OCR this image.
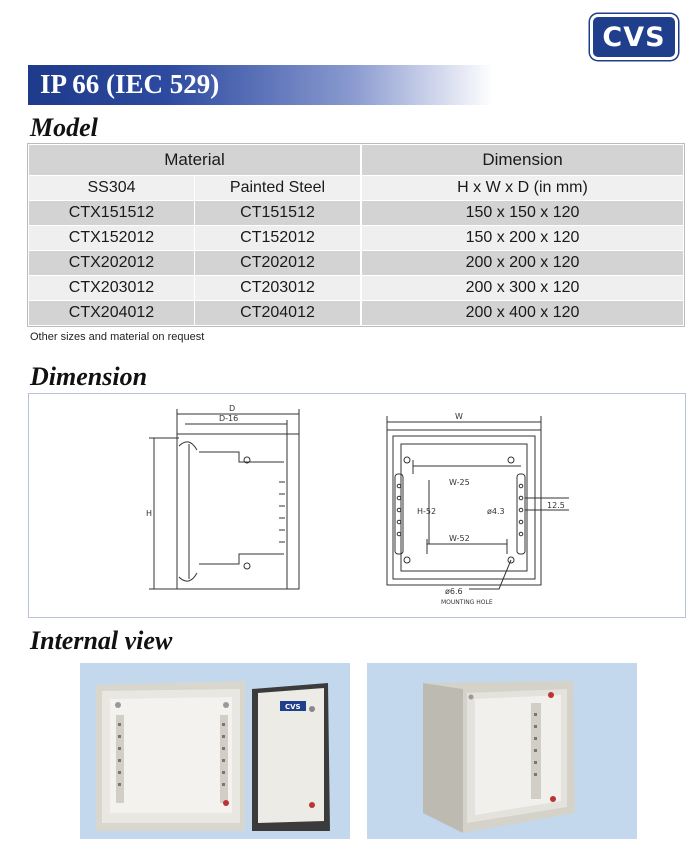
CVS
IP 66 (IEC 529)
Model
Material		Dimension
SS304	Painted Steel	H x W x D (in mm)
CTX151512	CT151512	150 x 150 x 120
CTX152012	CT152012	150 x 200 x 120
CTX202012	CT202012	200 x 200 x 120
CTX203012	CT203012	200 x 300 x 120
CTX204012	CT204012	200 x 400 x 120
Other sizes and material on request
Dimension
D
D-16
H
W
W-25
H-52
W-52
ø4.3
12.5
ø6.6
MOUNTING HOLE
Internal view
CVS
